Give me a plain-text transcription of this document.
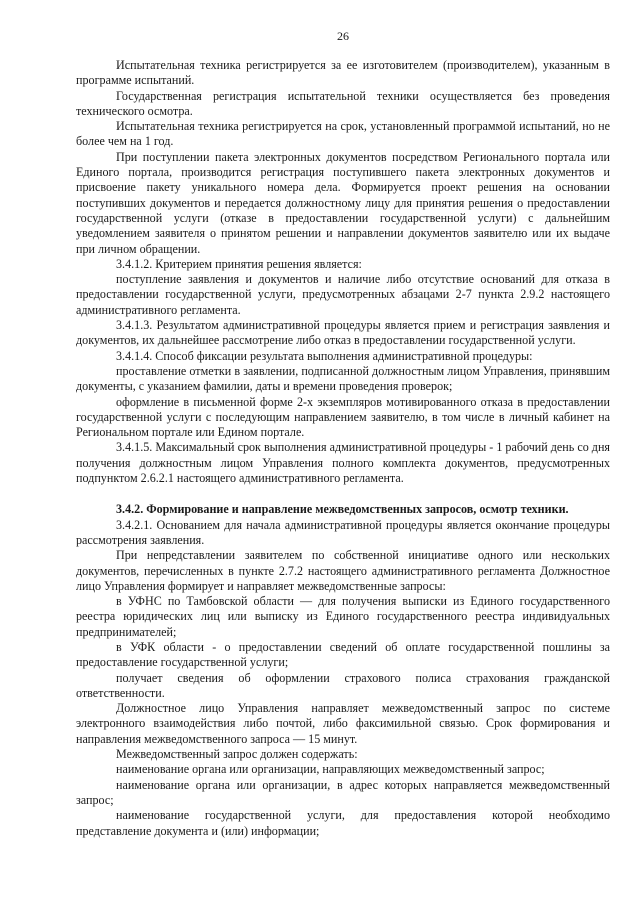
26

Испытательная техника регистрируется за ее изготовителем (производителем), указанным в программе испытаний.

Государственная регистрация испытательной техники осуществляется без проведения технического осмотра.

Испытательная техника регистрируется на срок, установленный программой испытаний, но не более чем на 1 год.

При поступлении пакета электронных документов посредством Регионального портала или Единого портала, производится регистрация поступившего пакета электронных документов и присвоение пакету уникального номера дела. Формируется проект решения на основании поступивших документов и передается должностному лицу для принятия решения о предоставлении государственной услуги (отказе в предоставлении государственной услуги) с дальнейшим уведомлением заявителя о принятом решении и направлении документов заявителю или их выдаче при личном обращении.

3.4.1.2. Критерием принятия решения является:

поступление заявления и документов и наличие либо отсутствие оснований для отказа в предоставлении государственной услуги, предусмотренных абзацами 2-7 пункта 2.9.2 настоящего административного регламента.

3.4.1.3. Результатом административной процедуры является прием и регистрация заявления и документов, их дальнейшее рассмотрение либо отказ в предоставлении государственной услуги.

3.4.1.4. Способ фиксации результата выполнения административной процедуры:

проставление отметки в заявлении, подписанной должностным лицом Управления, принявшим документы, с указанием фамилии, даты и времени проведения проверок;

оформление в письменной форме 2-х экземпляров мотивированного отказа в предоставлении государственной услуги с последующим направлением заявителю, в том числе в личный кабинет на Региональном портале или Едином портале.

3.4.1.5. Максимальный срок выполнения административной процедуры - 1 рабочий день со дня получения должностным лицом Управления полного комплекта документов, предусмотренных подпунктом 2.6.2.1 настоящего административного регламента.

3.4.2. Формирование и направление межведомственных запросов, осмотр техники.

3.4.2.1. Основанием для начала административной процедуры является окончание процедуры рассмотрения заявления.

При непредставлении заявителем по собственной инициативе одного или нескольких документов, перечисленных в пункте 2.7.2 настоящего административного регламента Должностное лицо Управления формирует и направляет межведомственные запросы:

в УФНС по Тамбовской области — для получения выписки из Единого государственного реестра юридических лиц или выписку из Единого государственного реестра индивидуальных предпринимателей;

в УФК области - о предоставлении сведений об оплате государственной пошлины за предоставление государственной услуги;

получает сведения об оформлении страхового полиса страхования гражданской ответственности.

Должностное лицо Управления направляет межведомственный запрос по системе электронного взаимодействия либо почтой, либо факсимильной связью. Срок формирования и направления межведомственного запроса — 15 минут.

Межведомственный запрос должен содержать:

наименование органа или организации, направляющих межведомственный запрос;

наименование органа или организации, в адрес которых направляется межведомственный запрос;

наименование государственной услуги, для предоставления которой необходимо представление документа и (или) информации;
